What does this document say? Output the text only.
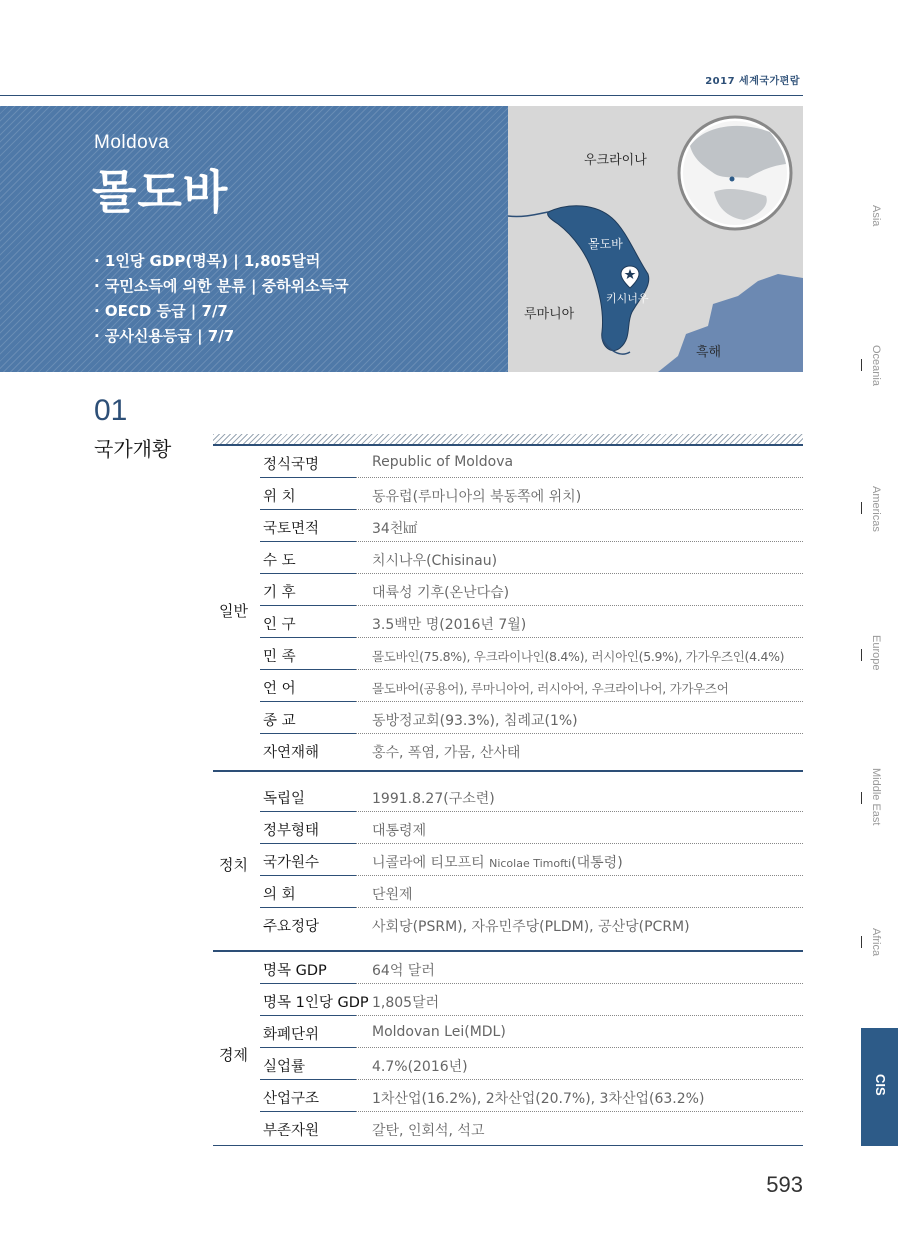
2017 세계국가편람
Moldova
몰도바
· 1인당 GDP(명목) | 1,805달러
· 국민소득에 의한 분류 | 중하위소득국
· OECD 등급 | 7/7
· 공사신용등급 | 7/7
우크라이나
몰도바
키시너우
루마니아
흑해
01
국가개황
일반
정식국명	Republic of Moldova
위 치	동유럽(루마니아의 북동쪽에 위치)
국토면적	34천㎢
수 도	치시나우(Chisinau)
기 후	대륙성 기후(온난다습)
인 구	3.5백만 명(2016년 7월)
민 족	몰도바인(75.8%), 우크라이나인(8.4%), 러시아인(5.9%), 가가우즈인(4.4%)
언 어	몰도바어(공용어), 루마니아어, 러시아어, 우크라이나어, 가가우즈어
종 교	동방정교회(93.3%), 침례교(1%)
자연재해	홍수, 폭염, 가뭄, 산사태
정치
독립일	1991.8.27(구소련)
정부형태	대통령제
국가원수	니콜라에 티모프티 Nicolae Timofti(대통령)
의 회	단원제
주요정당	사회당(PSRM), 자유민주당(PLDM), 공산당(PCRM)
경제
명목 GDP	64억 달러
명목 1인당 GDP 1,805달러
화폐단위	Moldovan Lei(MDL)
실업률	4.7%(2016년)
산업구조	1차산업(16.2%), 2차산업(20.7%), 3차산업(63.2%)
부존자원	갈탄, 인회석, 석고
Asia
Oceania
Americas
Europe
Middle East
Africa
CIS
593
